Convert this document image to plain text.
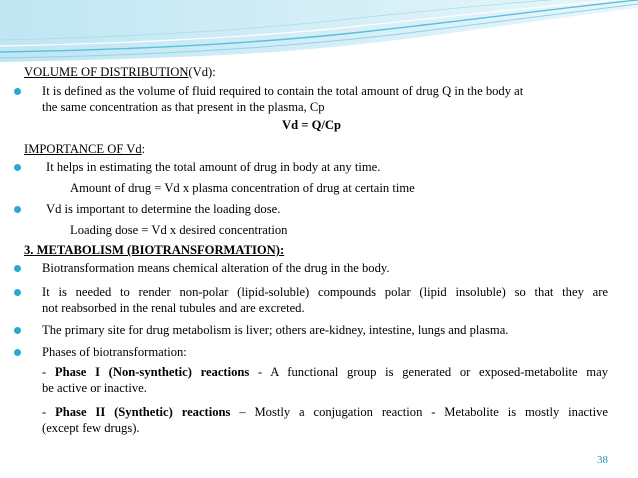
VOLUME OF DISTRIBUTION(Vd):
It is defined as the volume of fluid required to contain the total amount of drug Q in the body at
the same concentration as that present in the plasma, Cp
Vd = Q/Cp
IMPORTANCE OF Vd:
It helps in estimating the total amount of drug in body at any time.
Amount of drug = Vd x plasma concentration of drug at certain time
Vd is important to determine the loading dose.
Loading dose = Vd x desired concentration
3. METABOLISM (BIOTRANSFORMATION):
Biotransformation means chemical alteration of the drug in the body.
It is needed to render non-polar (lipid-soluble) compounds polar (lipid insoluble) so that they are
not reabsorbed in the renal tubules and are excreted.
The primary site for drug metabolism is liver; others are-kidney, intestine, lungs and plasma.
Phases of biotransformation:
- Phase I (Non-synthetic) reactions - A functional group is generated or exposed-metabolite may
be active or inactive.
- Phase II (Synthetic) reactions – Mostly a conjugation reaction - Metabolite is mostly inactive
(except few drugs).
38
